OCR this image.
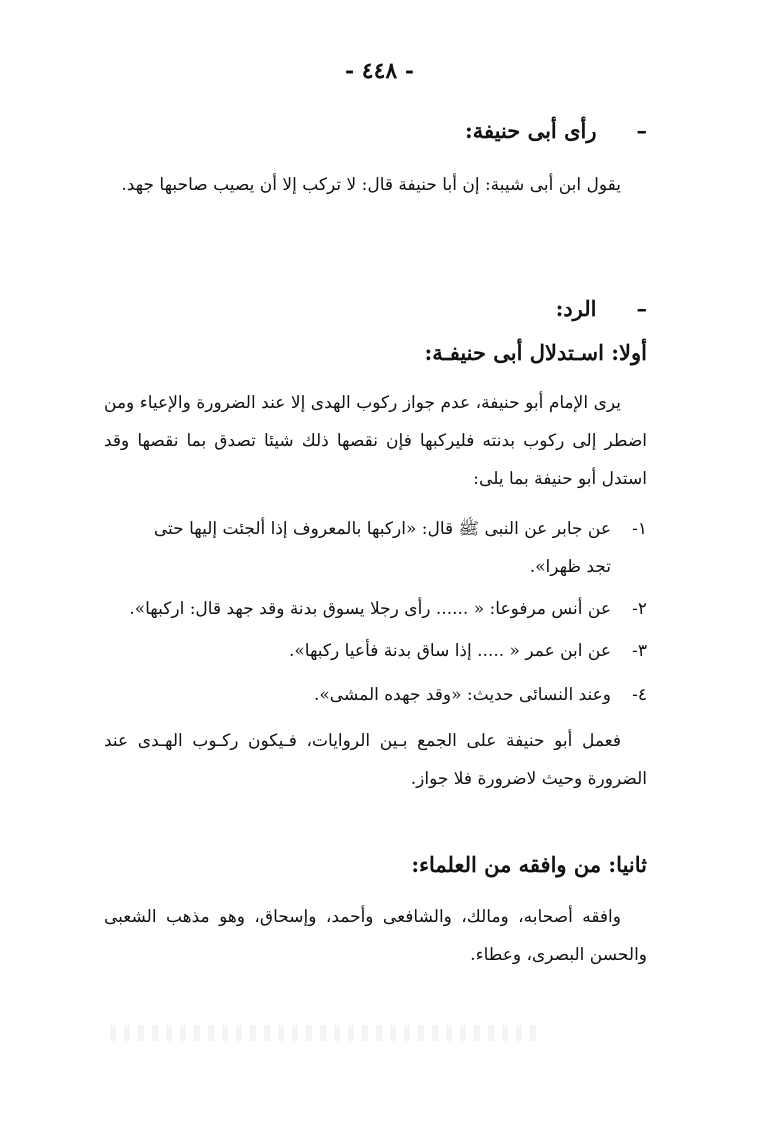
- ٤٤٨ -
–رأى أبى حنيفة:
يقول ابن أبى شيبة: إن أبا حنيفة قال: لا تركب إلا أن يصيب صاحبها جهد.
–الرد:
أولا: اسـتدلال أبى حنيفـة:
يرى الإمام أبو حنيفة، عدم جواز ركوب الهدى إلا عند الضرورة والإعياء ومن اضطر إلى ركوب بدنته فليركبها فإن نقصها ذلك شيئا تصدق بما نقصها وقد استدل أبو حنيفة بما يلى:
١-عن جابر عن النبى ﷺ قال: «اركبها بالمعروف إذا ألجئت إليها حتى
تجد ظهرا».
٢-عن أنس مرفوعا: « ...... رأى رجلا يسوق بدنة وقد جهد قال: اركبها».
٣-عن ابن عمر « ..... إذا ساق بدنة فأعيا ركبها».
٤-وعند النسائى حديث: «وقد جهده المشى».
فعمل أبو حنيفة على الجمع بـين الروايات، فـيكون ركـوب الهـدى عند الضرورة وحيث لاضرورة فلا جواز.
ثانيا: من وافقه من العلماء:
وافقه أصحابه، ومالك، والشافعى وأحمد، وإسحاق، وهو مذهب الشعبى والحسن البصرى، وعطاء.
